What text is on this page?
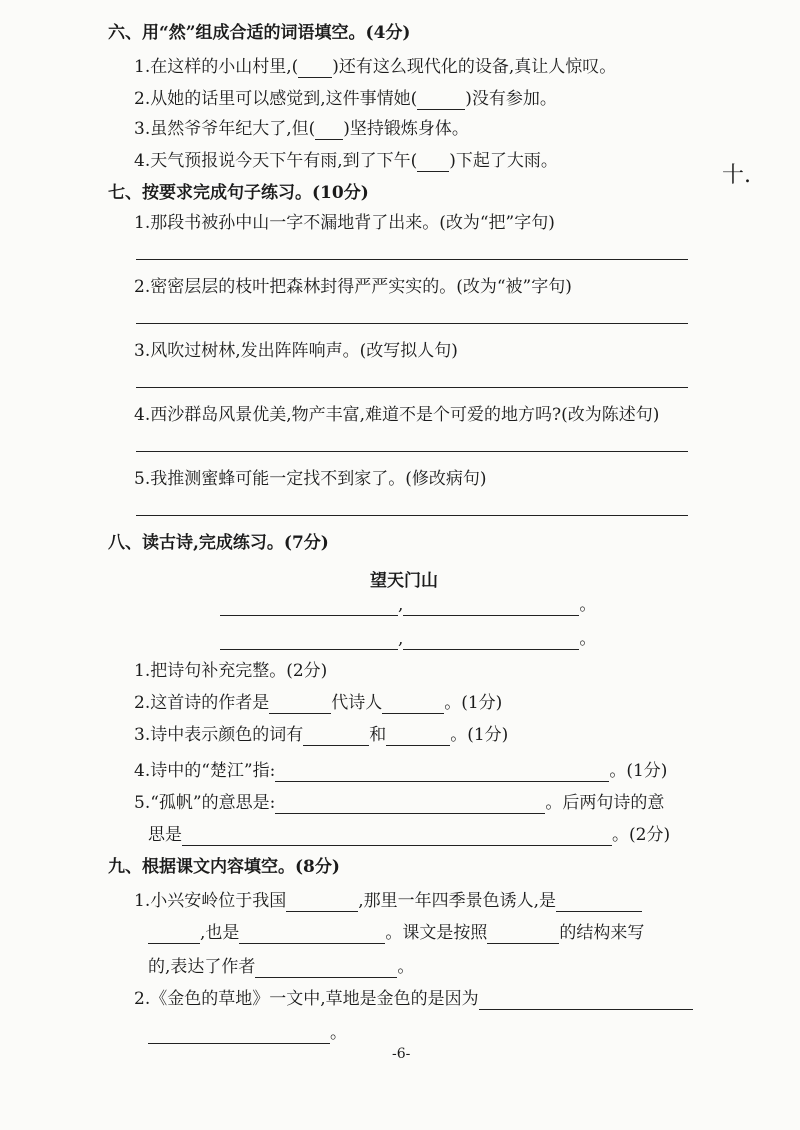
六、用“然”组成合适的词语填空。(4分)
1.在这样的小山村里,( )还有这么现代化的设备,真让人惊叹。
2.从她的话里可以感觉到,这件事情她(	)没有参加。
3.虽然爷爷年纪大了,但( )坚持锻炼身体。
4.天气预报说今天下午有雨,到了下午( )下起了大雨。
十.
七、按要求完成句子练习。(10分)
1.那段书被孙中山一字不漏地背了出来。(改为“把”字句)
2.密密层层的枝叶把森林封得严严实实的。(改为“被”字句)
3.风吹过树林,发出阵阵响声。(改写拟人句)
4.西沙群岛风景优美,物产丰富,难道不是个可爱的地方吗?(改为陈述句)
5.我推测蜜蜂可能一定找不到家了。(修改病句)
八、读古诗,完成练习。(7分)
望天门山
,	。
,	。
1.把诗句补充完整。(2分)
2.这首诗的作者是	代诗人	。(1分)
3.诗中表示颜色的词有	和	。(1分)
4.诗中的“楚江”指:	。(1分)
5.“孤帆”的意思是:	。后两句诗的意
思是	。(2分)
九、根据课文内容填空。(8分)
1.小兴安岭位于我国	,那里一年四季景色诱人,是
,也是	。课文是按照	的结构来写
的,表达了作者	。
2.《金色的草地》一文中,草地是金色的是因为
。
-6-
